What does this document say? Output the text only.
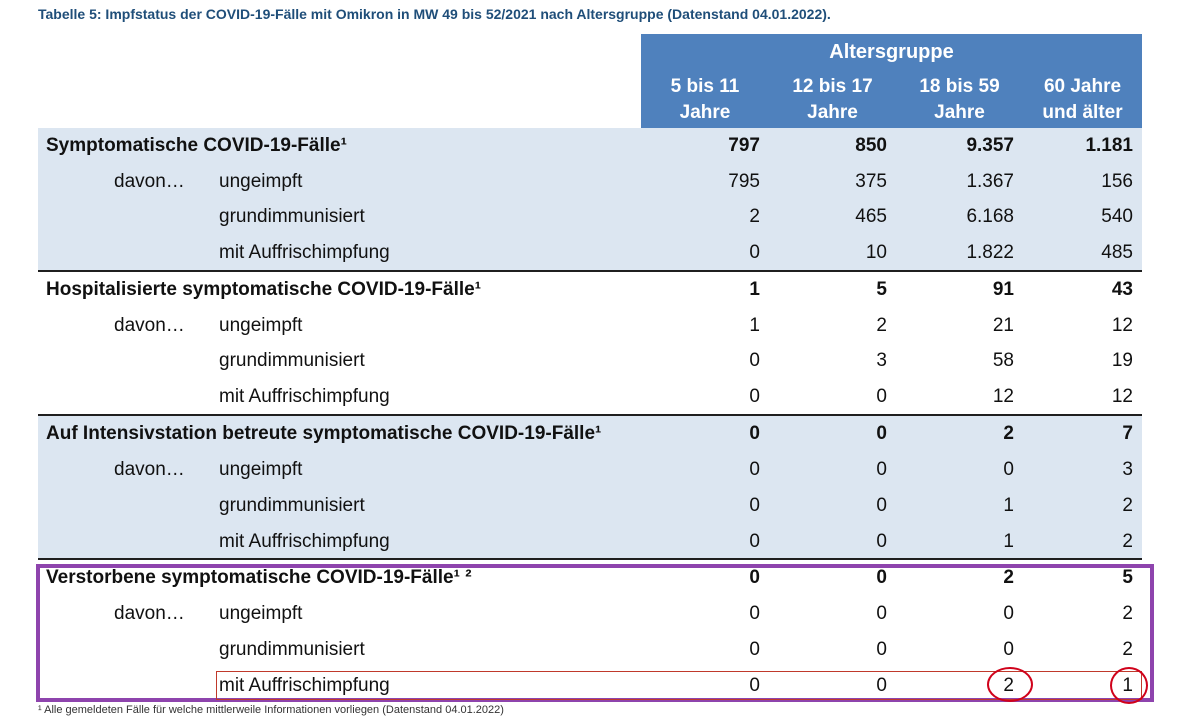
Tabelle 5: Impfstatus der COVID-19-Fälle mit Omikron in MW 49 bis 52/2021 nach Altersgruppe (Datenstand 04.01.2022).
Altersgruppe
5 bis 11
Jahre
12 bis 17
Jahre
18 bis 59
Jahre
60 Jahre
und älter
Symptomatische COVID-19-Fälle¹	797	850	9.357	1.181
davon… ungeimpft	795	375	1.367	156
grundimmunisiert	2	465	6.168	540
mit Auffrischimpfung	0	10	1.822	485
Hospitalisierte symptomatische COVID-19-Fälle¹	1	5	91	43
davon… ungeimpft	1	2	21	12
grundimmunisiert	0	3	58	19
mit Auffrischimpfung	0	0	12	12
Auf Intensivstation betreute symptomatische COVID-19-Fälle¹	0	0	2	7
davon… ungeimpft	0	0	0	3
grundimmunisiert	0	0	1	2
mit Auffrischimpfung	0	0	1	2
Verstorbene symptomatische COVID-19-Fälle¹ ²	0	0	2	5
davon… ungeimpft	0	0	0	2
grundimmunisiert	0	0	0	2
mit Auffrischimpfung	0	0	2	1
¹ Alle gemeldeten Fälle für welche mittlerweile Informationen vorliegen (Datenstand 04.01.2022)
